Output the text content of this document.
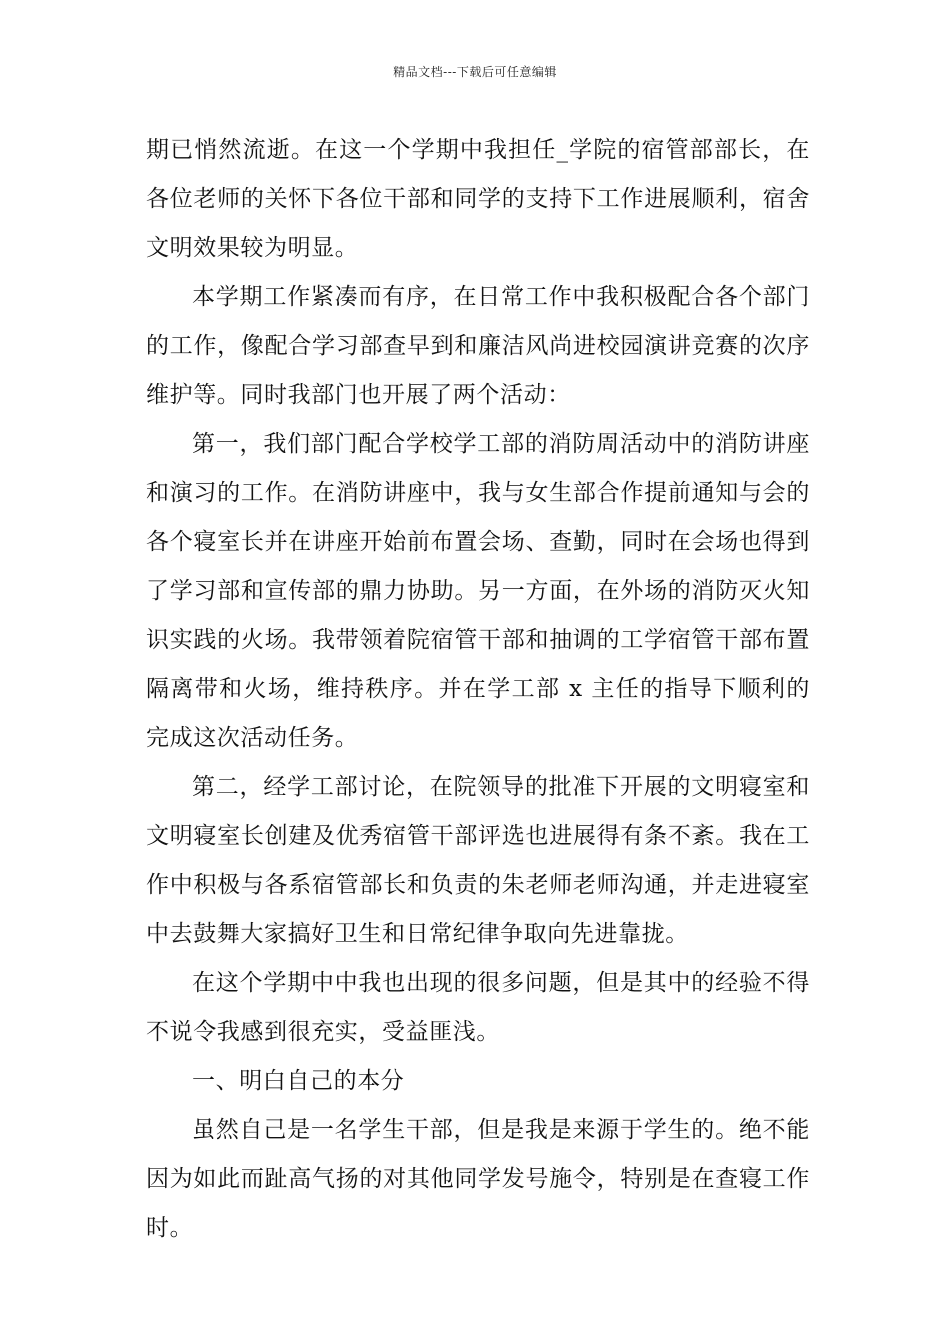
精品文档---下载后可任意编辑

期已悄然流逝。在这一个学期中我担任_学院的宿管部部长，在各位老师的关怀下各位干部和同学的支持下工作进展顺利，宿舍文明效果较为明显。

本学期工作紧凑而有序，在日常工作中我积极配合各个部门的工作，像配合学习部查早到和廉洁风尚进校园演讲竞赛的次序维护等。同时我部门也开展了两个活动：

第一，我们部门配合学校学工部的消防周活动中的消防讲座和演习的工作。在消防讲座中，我与女生部合作提前通知与会的各个寝室长并在讲座开始前布置会场、查勤，同时在会场也得到了学习部和宣传部的鼎力协助。另一方面，在外场的消防灭火知识实践的火场。我带领着院宿管干部和抽调的工学宿管干部布置隔离带和火场，维持秩序。并在学工部 x 主任的指导下顺利的完成这次活动任务。

第二，经学工部讨论，在院领导的批准下开展的文明寝室和文明寝室长创建及优秀宿管干部评选也进展得有条不紊。我在工作中积极与各系宿管部长和负责的朱老师老师沟通，并走进寝室中去鼓舞大家搞好卫生和日常纪律争取向先进靠拢。

在这个学期中中我也出现的很多问题，但是其中的经验不得不说令我感到很充实，受益匪浅。

一、明白自己的本分

虽然自己是一名学生干部，但是我是来源于学生的。绝不能因为如此而趾高气扬的对其他同学发号施令，特别是在查寝工作时。
